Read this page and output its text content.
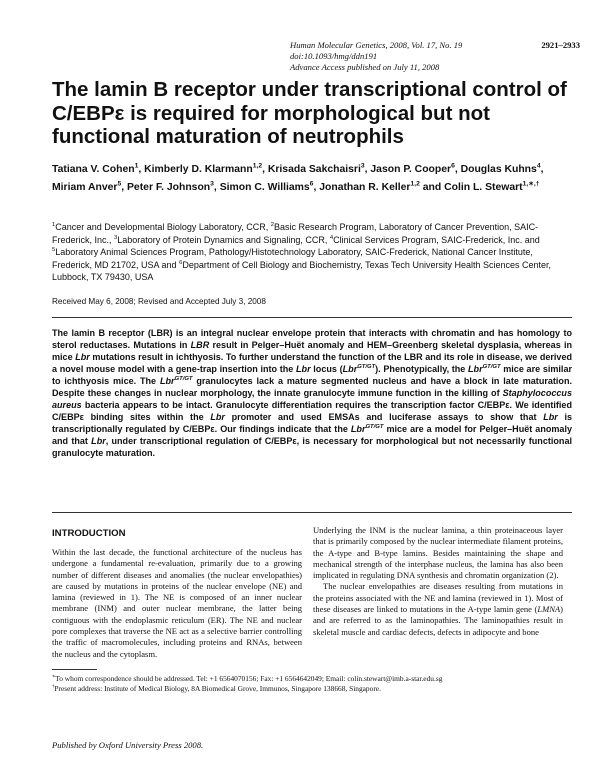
Human Molecular Genetics, 2008, Vol. 17, No. 19	2921–2933
doi:10.1093/hmg/ddn191
Advance Access published on July 11, 2008
The lamin B receptor under transcriptional control of C/EBPε is required for morphological but not functional maturation of neutrophils
Tatiana V. Cohen$^1$, Kimberly D. Klarmann$^{1,2}$, Krisada Sakchaisri$^3$, Jason P. Cooper$^6$, Douglas Kuhns$^4$, Miriam Anver$^5$, Peter F. Johnson$^3$, Simon C. Williams$^6$, Jonathan R. Keller$^{1,2}$ and Colin L. Stewart$^{1,∗,\dagger}$
$^1$Cancer and Developmental Biology Laboratory, CCR, $^2$Basic Research Program, Laboratory of Cancer Prevention, SAIC-Frederick, Inc., $^3$Laboratory of Protein Dynamics and Signaling, CCR, $^4$Clinical Services Program, SAIC-Frederick, Inc. and $^5$Laboratory Animal Sciences Program, Pathology/Histotechnology Laboratory, SAIC-Frederick, National Cancer Institute, Frederick, MD 21702, USA and $^6$Department of Cell Biology and Biochemistry, Texas Tech University Health Sciences Center, Lubbock, TX 79430, USA
Received May 6, 2008; Revised and Accepted July 3, 2008

The lamin B receptor (LBR) is an integral nuclear envelope protein that interacts with chromatin and has homology to sterol reductases. Mutations in LBR result in Pelger–Huët anomaly and HEM–Greenberg skeletal dysplasia, whereas in mice Lbr mutations result in ichthyosis. To further understand the function of the LBR and its role in disease, we derived a novel mouse model with a gene-trap insertion into the Lbr locus (Lbr$^{GT/GT}$). Phenotypically, the Lbr$^{GT/GT}$ mice are similar to ichthyosis mice. The Lbr$^{GT/GT}$ granulocytes lack a mature segmented nucleus and have a block in late maturation. Despite these changes in nuclear morphology, the innate granulocyte immune function in the killing of Staphylococcus aureus bacteria appears to be intact. Granulocyte differentiation requires the transcription factor C/EBPε. We identified C/EBPε binding sites within the Lbr promoter and used EMSAs and luciferase assays to show that Lbr is transcriptionally regulated by C/EBPε. Our findings indicate that the Lbr$^{GT/GT}$ mice are a model for Pelger–Huët anomaly and that Lbr, under transcriptional regulation of C/EBPε, is necessary for morphological but not necessarily functional granulocyte maturation.

INTRODUCTION

Within the last decade, the functional architecture of the nucleus has undergone a fundamental re-evaluation, primarily due to a growing number of different diseases and anomalies (the nuclear envelopathies) are caused by mutations in proteins of the nuclear envelope (NE) and lamina (reviewed in 1). The NE is composed of an inner nuclear membrane (INM) and outer nuclear membrane, the latter being contiguous with the endoplasmic reticulum (ER). The NE and nuclear pore complexes that traverse the NE act as a selective barrier controlling the traffic of macromolecules, including proteins and RNAs, between the nucleus and the cytoplasm.

Underlying the INM is the nuclear lamina, a thin proteinaceous layer that is primarily composed by the nuclear intermediate filament proteins, the A-type and B-type lamins. Besides maintaining the shape and mechanical strength of the interphase nucleus, the lamina has also been implicated in regulating DNA synthesis and chromatin organization (2).

The nuclear envelopathies are diseases resulting from mutations in the proteins associated with the NE and lamina (reviewed in 1). Most of these diseases are linked to mutations in the A-type lamin gene (LMNA) and are referred to as the laminopathies. The laminopathies result in skeletal muscle and cardiac defects, defects in adipocyte and bone

∗To whom correspondence should be addressed. Tel: +1 6564070156; Fax: +1 6564642049; Email: colin.stewart@imb.a-star.edu.sg
†Present address: Institute of Medical Biology, 8A Biomedical Grove, Immunos, Singapore 138668, Singapore.
Published by Oxford University Press 2008.
